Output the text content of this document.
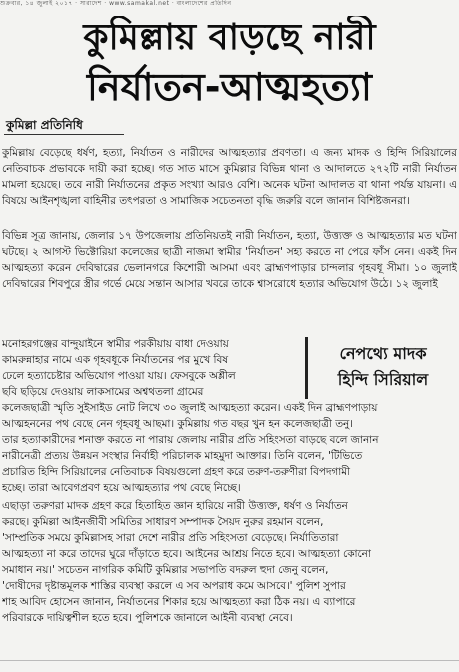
শুক্রবার, ১৪ জুলাই ২০১৭ · সারাদেশ · www.samakal.net · বাংলাদেশের প্রতিদিন
কুমিল্লায় বাড়ছে নারী
নির্যাতন-আত্মহত্যা
কুমিল্লা প্রতিনিধি
কুমিল্লায় বেড়েছে ধর্ষণ, হত্যা, নির্যাতন ও নারীদের আত্মহত্যার প্রবণতা। এ জন্য মাদক ও হিন্দি সিরিয়ালের নেতিবাচক প্রভাবকে দায়ী করা হচ্ছে। গত সাত মাসে কুমিল্লার বিভিন্ন থানা ও আদালতে ২৭২টি নারী নির্যাতন মামলা হয়েছে। তবে নারী নির্যাতনের প্রকৃত সংখ্যা আরও বেশি। অনেক ঘটনা আদালত বা থানা পর্যন্ত যায়না। এ বিষয়ে আইনশৃঙ্খলা বাহিনীর তৎপরতা ও সামাজিক সচেতনতা বৃদ্ধি জরুরি বলে জানান বিশিষ্টজনরা।
বিভিন্ন সূত্র জানায়, জেলার ১৭ উপজেলায় প্রতিনিয়তই নারী নির্যাতন, হত্যা, উত্ত্যক্ত ও আত্মহত্যার মত ঘটনা ঘটছে। ২ আগস্ট ভিক্টোরিয়া কলেজের ছাত্রী নাজমা স্বামীর 'নির্যাতন' সহ্য করতে না পেরে ফাঁস নেন। একই দিন আত্মহত্যা করেন দেবিদ্বারের ভেলানগরে কিশোরী আসমা এবং ব্রাহ্মণপাড়ার চান্দলার গৃহবধূ সীমা। ১০ জুলাই দেবিদ্বারের শিবপুরে স্ত্রীর গর্ভে মেয়ে সন্তান আসার খবরে তাকে শ্বাসরোধে হত্যার অভিযোগ উঠে। ১২ জুলাই
মনোহরগঞ্জের বান্দুয়াইনে স্বামীর পরকীয়ায় বাধা দেওয়ায়
কামরুন্নাহার নামে এক গৃহবধূকে নির্যাতনের পর মুখে বিষ
ঢেলে হত্যাচেষ্টার অভিযোগ পাওয়া যায়। ফেসবুকে অশ্লীল
ছবি ছড়িয়ে দেওয়ায় লাকসামের অশ্বথতলা গ্রামের
নেপথ্যে মাদক
হিন্দি সিরিয়াল
কলেজছাত্রী স্মৃতি সুইসাইড নোট লিখে ৩০ জুলাই আত্মহত্যা করেন। একই দিন ব্রাহ্মণপাড়ায়
আত্মহননের পথ বেছে নেন গৃহবধূ আছমা। কুমিল্লায় গত বছর খুন হন কলেজছাত্রী তনু।
তার হত্যাকারীদের শনাক্ত করতে না পারায় জেলায় নারীর প্রতি সহিংসতা বাড়ছে বলে জানান
নারীনেত্রী প্রত্যয় উন্নয়ন সংস্থার নির্বাহী পরিচালক মাহমুদা আক্তার। তিনি বলেন, 'টিভিতে
প্রচারিত হিন্দি সিরিয়ালের নেতিবাচক বিষয়গুলো গ্রহণ করে তরুণ-তরুণীরা বিপদগামী
হচ্ছে। তারা আবেগপ্রবণ হয়ে আত্মহত্যার পথ বেছে নিচ্ছে।
এছাড়া তরুণরা মাদক গ্রহণ করে হিতাহিত জ্ঞান হারিয়ে নারী উত্ত্যক্ত, ধর্ষণ ও নির্যাতন
করছে। কুমিল্লা আইনজীবী সমিতির সাধারণ সম্পাদক সৈয়দ নুরুর রহমান বলেন,
'সাম্প্রতিক সময়ে কুমিল্লাসহ সারা দেশে নারীর প্রতি সহিংসতা বেড়েছে। নির্যাতিতারা
আত্মহত্যা না করে তাদের ঘুরে দাঁড়াতে হবে। আইনের আশ্রয় নিতে হবে। আত্মহত্যা কোনো
সমাধান নয়।' সচেতন নাগরিক কমিটি কুমিল্লার সভাপতি বদরুল হুদা জেনু বলেন,
'দোষীদের দৃষ্টান্তমূলক শাস্তির ব্যবস্থা করলে এ সব অপরাধ কমে আসবে।' পুলিশ সুপার
শাহ আবিদ হোসেন জানান, নির্যাতনের শিকার হয়ে আত্মহত্যা করা ঠিক নয়। এ ব্যাপারে
পরিবারকে দায়িত্বশীল হতে হবে। পুলিশকে জানালে আইনী ব্যবস্থা নেবে।
